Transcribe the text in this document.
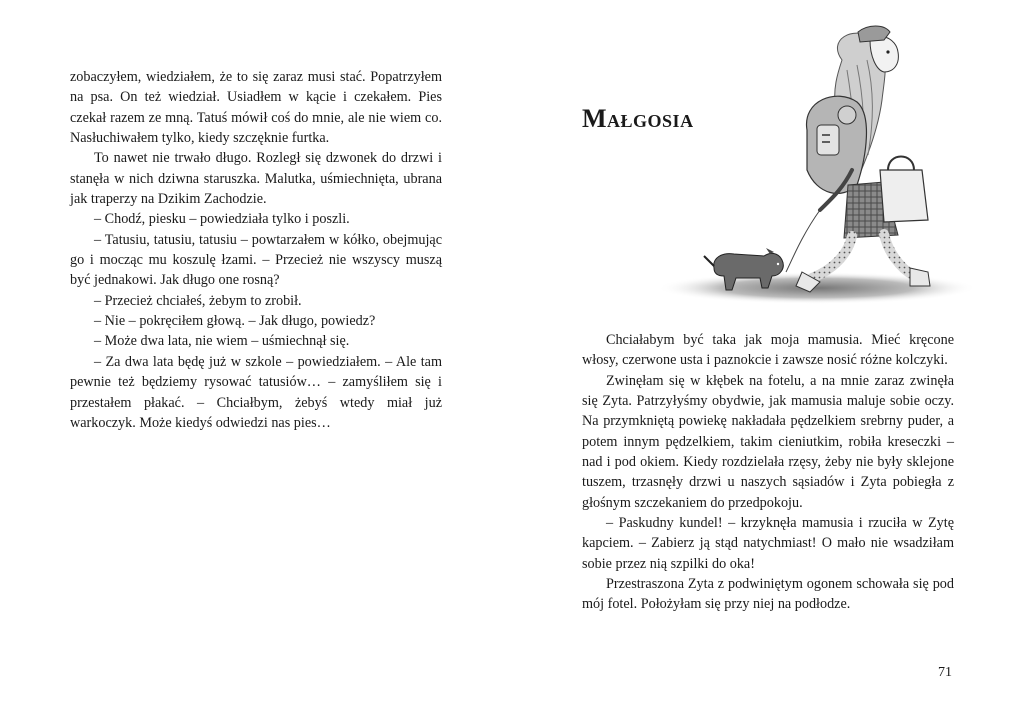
zobaczyłem, wiedziałem, że to się zaraz musi stać. Popatrzyłem na psa. On też wiedział. Usiadłem w kącie i czekałem. Pies czekał razem ze mną. Tatuś mówił coś do mnie, ale nie wiem co. Nasłuchiwałem tylko, kiedy szczęknie furtka.

To nawet nie trwało długo. Rozległ się dzwonek do drzwi i stanęła w nich dziwna staruszka. Malutka, uśmiechnięta, ubrana jak traperzy na Dzikim Zachodzie.

– Chodź, piesku – powiedziała tylko i poszli.

– Tatusiu, tatusiu, tatusiu – powtarzałem w kółko, obejmując go i mocząc mu koszulę łzami. – Przecież nie wszyscy muszą być jednakowi. Jak długo one rosną?

– Przecież chciałeś, żebym to zrobił.

– Nie – pokręciłem głową. – Jak długo, powiedz?

– Może dwa lata, nie wiem – uśmiechnął się.

– Za dwa lata będę już w szkole – powiedziałem. – Ale tam pewnie też będziemy rysować tatusiów… – zamyśliłem się i przestałem płakać. – Chciałbym, żebyś wtedy miał już warkoczyk. Może kiedyś odwiedzi nas pies…

Małgosia

Chciałabym być taka jak moja mamusia. Mieć kręcone włosy, czerwone usta i paznokcie i zawsze nosić różne kolczyki.

Zwinęłam się w kłębek na fotelu, a na mnie zaraz zwinęła się Zyta. Patrzyłyśmy obydwie, jak mamusia maluje sobie oczy. Na przymkniętą powiekę nakładała pędzelkiem srebrny puder, a potem innym pędzelkiem, takim cieniutkim, robiła kreseczki – nad i pod okiem. Kiedy rozdzielała rzęsy, żeby nie były sklejone tuszem, trzasnęły drzwi u naszych sąsiadów i Zyta pobiegła z głośnym szczekaniem do przedpokoju.

– Paskudny kundel! – krzyknęła mamusia i rzuciła w Zytę kapciem. – Zabierz ją stąd natychmiast! O mało nie wsadziłam sobie przez nią szpilki do oka!

Przestraszona Zyta z podwiniętym ogonem schowała się pod mój fotel. Położyłam się przy niej na podłodze.

71
